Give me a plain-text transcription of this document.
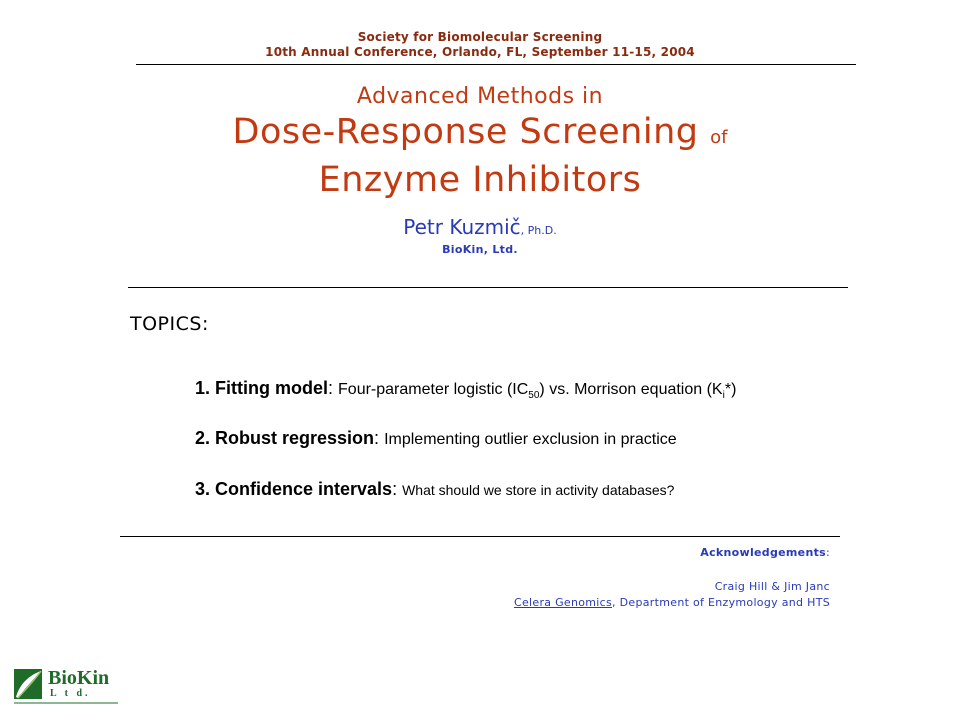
Society for Biomolecular Screening
10th Annual Conference, Orlando, FL, September 11-15, 2004
Advanced Methods in
Dose-Response Screening of
Enzyme Inhibitors
Petr Kuzmič, Ph.D.
BioKin, Ltd.
TOPICS:
1. Fitting model: Four-parameter logistic $(IC_{50})$ vs. Morrison equation $(K_i*)$
2. Robust regression: Implementing outlier exclusion in practice
3. Confidence intervals: What should we store in activity databases?
Acknowledgements:
Craig Hill & Jim Janc
Celera Genomics, Department of Enzymology and HTS
BioKin
L t d.
